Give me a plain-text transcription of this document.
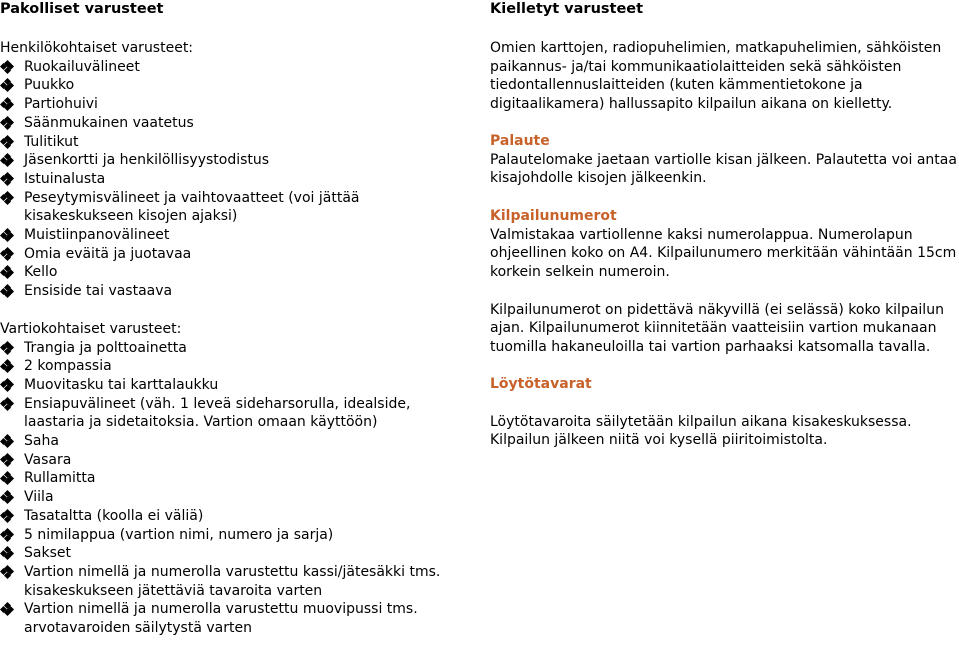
Pakolliset varusteet

Henkilökohtaiset varusteet:

Ruokailuvälineet
Puukko
Partiohuivi
Säänmukainen vaatetus
Tulitikut
Jäsenkortti ja henkilöllisyystodistus
Istuinalusta
Peseytymisvälineet ja vaihtovaatteet (voi jättää kisakeskukseen kisojen ajaksi)
Muistiinpanovälineet
Omia eväitä ja juotavaa
Kello
Ensiside tai vastaava

Vartiokohtaiset varusteet:

Trangia ja polttoainetta
2 kompassia
Muovitasku tai karttalaukku
Ensiapuvälineet (väh. 1 leveä sideharsorulla, idealside, laastaria ja sidetaitoksia. Vartion omaan käyttöön)
Saha
Vasara
Rullamitta
Viila
Tasataltta (koolla ei väliä)
5 nimilappua (vartion nimi, numero ja sarja)
Sakset
Vartion nimellä ja numerolla varustettu kassi/jätesäkki tms. kisakeskukseen jätettäviä tavaroita varten
Vartion nimellä ja numerolla varustettu muovipussi tms. arvotavaroiden säilytystä varten

Kielletyt varusteet

Omien karttojen, radiopuhelimien, matkapuhelimien, sähköisten paikannus- ja/tai kommunikaatiolaitteiden sekä sähköisten tiedontallennuslaitteiden (kuten kämmentietokone ja digitaalikamera) hallussapito kilpailun aikana on kielletty.

Palaute

Palautelomake jaetaan vartiolle kisan jälkeen. Palautetta voi antaa kisajohdolle kisojen jälkeenkin.

Kilpailunumerot

Valmistakaa vartiollenne kaksi numerolappua. Numerolapun ohjeellinen koko on A4. Kilpailunumero merkitään vähintään 15cm korkein selkein numeroin.

Kilpailunumerot on pidettävä näkyvillä (ei selässä) koko kilpailun ajan. Kilpailunumerot kiinnitetään vaatteisiin vartion mukanaan tuomilla hakaneuloilla tai vartion parhaaksi katsomalla tavalla.

Löytötavarat

Löytötavaroita säilytetään kilpailun aikana kisakeskuksessa. Kilpailun jälkeen niitä voi kysellä piiritoimistolta.
